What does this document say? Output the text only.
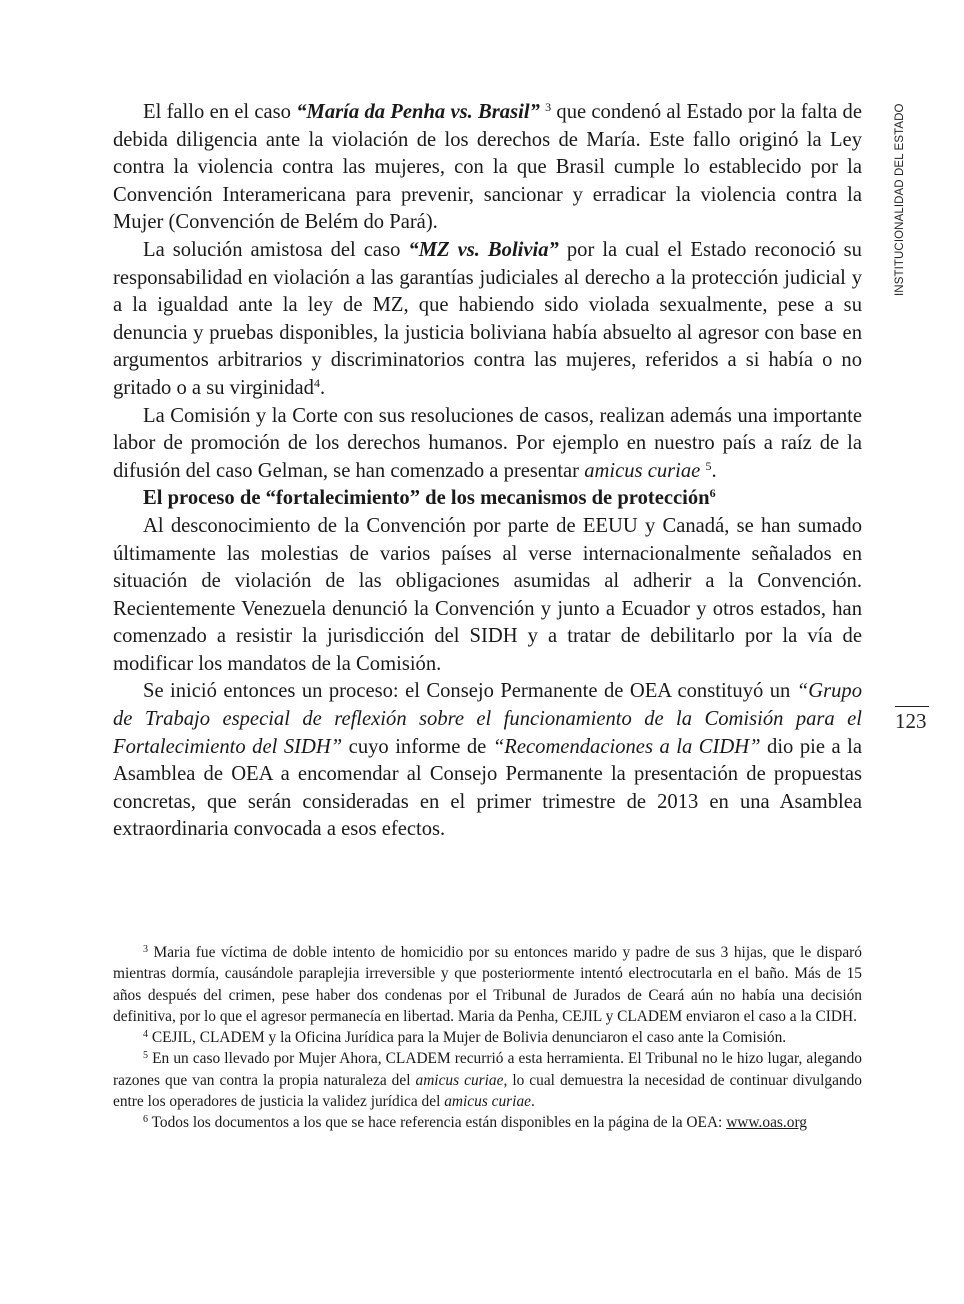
INSTITUCIONALIDAD DEL ESTADO
123

El fallo en el caso “María da Penha vs. Brasil” $^3$ que condenó al Estado por la falta de debida diligencia ante la violación de los derechos de María. Este fallo originó la Ley contra la violencia contra las mujeres, con la que Brasil cumple lo establecido por la Convención Interamericana para prevenir, sancionar y erradicar la violencia contra la Mujer (Convención de Belém do Pará).

La solución amistosa del caso “MZ vs. Bolivia” por la cual el Estado reconoció su responsabilidad en violación a las garantías judiciales al derecho a la protección judicial y a la igualdad ante la ley de MZ, que habiendo sido violada sexualmente, pese a su denuncia y pruebas disponibles, la justicia boliviana había absuelto al agresor con base en argumentos arbitrarios y discriminatorios contra las mujeres, referidos a si había o no gritado o a su virginidad$^4$.

La Comisión y la Corte con sus resoluciones de casos, realizan además una importante labor de promoción de los derechos humanos. Por ejemplo en nuestro país a raíz de la difusión del caso Gelman, se han comenzado a presentar amicus curiae $^5$.

El proceso de “fortalecimiento” de los mecanismos de protección$^6$

Al desconocimiento de la Convención por parte de EEUU y Canadá, se han sumado últimamente las molestias de varios países al verse internacionalmente señalados en situación de violación de las obligaciones asumidas al adherir a la Convención. Recientemente Venezuela denunció la Convención y junto a Ecuador y otros estados, han comenzado a resistir la jurisdicción del SIDH y a tratar de debilitarlo por la vía de modificar los mandatos de la Comisión.

Se inició entonces un proceso: el Consejo Permanente de OEA constituyó un “Grupo de Trabajo especial de reflexión sobre el funcionamiento de la Comisión para el Fortalecimiento del SIDH” cuyo informe de “Recomendaciones a la CIDH” dio pie a la Asamblea de OEA a encomendar al Consejo Permanente la presentación de propuestas concretas, que serán consideradas en el primer trimestre de 2013 en una Asamblea extraordinaria convocada a esos efectos.

$^3$ Maria fue víctima de doble intento de homicidio por su entonces marido y padre de sus 3 hijas, que le disparó mientras dormía, causándole paraplejia irreversible y que posteriormente intentó electrocutarla en el baño. Más de 15 años después del crimen, pese haber dos condenas por el Tribunal de Jurados de Ceará aún no había una decisión definitiva, por lo que el agresor permanecía en libertad. Maria da Penha, CEJIL y CLADEM enviaron el caso a la CIDH.

$^4$ CEJIL, CLADEM y la Oficina Jurídica para la Mujer de Bolivia denunciaron el caso ante la Comisión.

$^5$ En un caso llevado por Mujer Ahora, CLADEM recurrió a esta herramienta. El Tribunal no le hizo lugar, alegando razones que van contra la propia naturaleza del amicus curiae, lo cual demuestra la necesidad de continuar divulgando entre los operadores de justicia la validez jurídica del amicus curiae.

$^6$ Todos los documentos a los que se hace referencia están disponibles en la página de la OEA: www.oas.org
